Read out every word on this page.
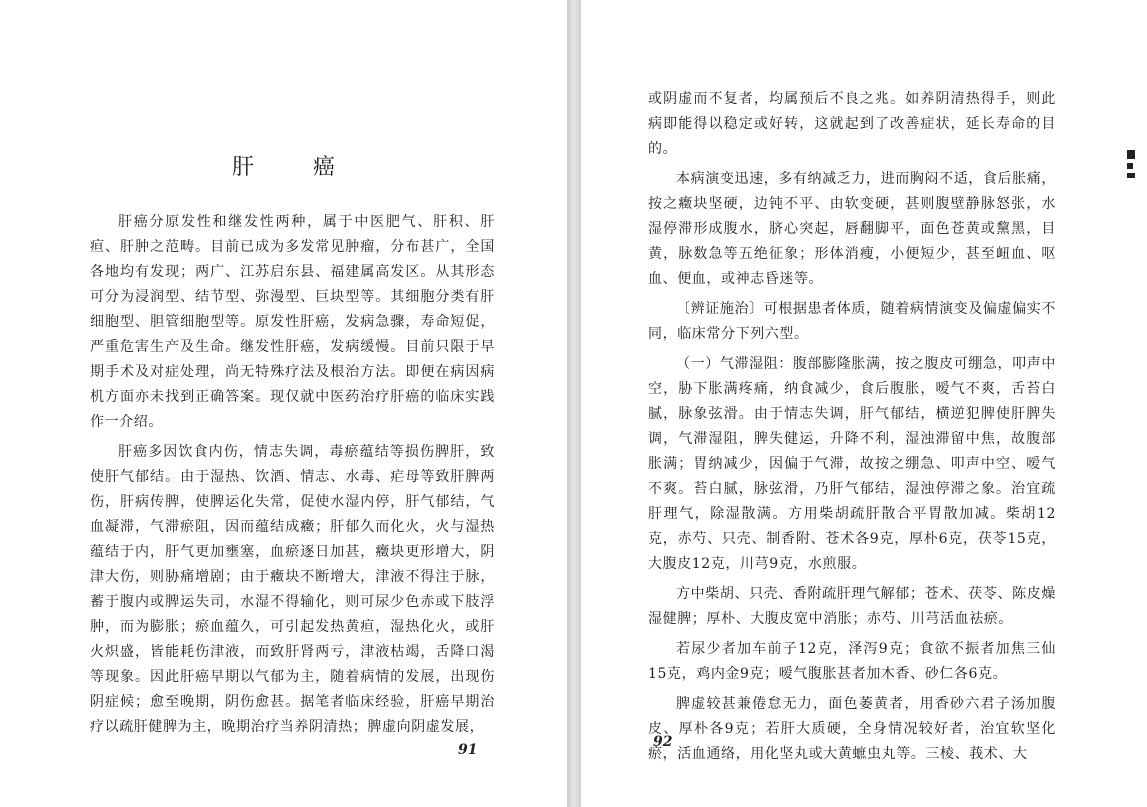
肝 癌

肝癌分原发性和继发性两种，属于中医肥气、肝积、肝疸、肝肿之范畴。目前已成为多发常见肿瘤，分布甚广，全国各地均有发现；两广、江苏启东县、福建属高发区。从其形态可分为浸润型、结节型、弥漫型、巨块型等。其细胞分类有肝细胞型、胆管细胞型等。原发性肝癌，发病急骤，寿命短促，严重危害生产及生命。继发性肝癌，发病缓慢。目前只限于早期手术及对症处理，尚无特殊疗法及根治方法。即便在病因病机方面亦未找到正确答案。现仅就中医药治疗肝癌的临床实践作一介绍。

肝癌多因饮食内伤，情志失调，毒瘀蕴结等损伤脾肝，致使肝气郁结。由于湿热、饮酒、情志、水毒、疟母等致肝脾两伤，肝病传脾，使脾运化失常，促使水湿内停，肝气郁结，气血凝滞，气滞瘀阻，因而蕴结成癥；肝郁久而化火，火与湿热蕴结于内，肝气更加壅塞，血瘀逐日加甚，癥块更形增大，阴津大伤，则胁痛增剧；由于癥块不断增大，津液不得注于脉，蓄于腹内或脾运失司，水湿不得输化，则可尿少色赤或下肢浮肿，而为膨胀；瘀血蕴久，可引起发热黄疸，湿热化火，或肝火炽盛，皆能耗伤津液，而致肝肾两亏，津液枯竭，舌降口渴等现象。因此肝癌早期以气郁为主，随着病情的发展，出现伤阴症候；愈至晚期，阴伤愈甚。据笔者临床经验，肝癌早期治疗以疏肝健脾为主，晚期治疗当养阴清热；脾虚向阴虚发展，

91

或阴虚而不复者，均属预后不良之兆。如养阴清热得手，则此病即能得以稳定或好转，这就起到了改善症状，延长寿命的目的。

本病演变迅速，多有纳减乏力，进而胸闷不适，食后胀痛，按之癥块坚硬，边钝不平、由软变硬，甚则腹壁静脉怒张，水湿停滞形成腹水，脐心突起，唇翻脚平，面色苍黄或黧黑，目黄，脉数急等五绝征象；形体消瘦，小便短少，甚至衄血、呕血、便血，或神志昏迷等。

〔辨证施治〕可根据患者体质，随着病情演变及偏虚偏实不同，临床常分下列六型。

（一）气滞湿阻：腹部膨隆胀满，按之腹皮可绷急，叩声中空，胁下胀满疼痛，纳食减少，食后腹胀，嗳气不爽，舌苔白腻，脉象弦滑。由于情志失调，肝气郁结，横逆犯脾使肝脾失调，气滞湿阻，脾失健运，升降不利，湿浊滞留中焦，故腹部胀满；胃纳减少，因偏于气滞，故按之绷急、叩声中空、嗳气不爽。苔白腻，脉弦滑，乃肝气郁结，湿浊停滞之象。治宜疏肝理气，除湿散满。方用柴胡疏肝散合平胃散加减。柴胡12克，赤芍、只壳、制香附、苍术各9克，厚朴6克，茯苓15克，大腹皮12克，川芎9克，水煎服。

方中柴胡、只壳、香附疏肝理气解郁；苍术、茯苓、陈皮燥湿健脾；厚朴、大腹皮宽中消胀；赤芍、川芎活血祛瘀。

若尿少者加车前子12克，泽泻9克；食欲不振者加焦三仙15克，鸡内金9克；嗳气腹胀甚者加木香、砂仁各6克。

脾虚较甚兼倦怠无力，面色萎黄者，用香砂六君子汤加腹皮、厚朴各9克；若肝大质硬，全身情况较好者，治宜软坚化瘀，活血通络，用化坚丸或大黄蟅虫丸等。三棱、莪术、大

92
